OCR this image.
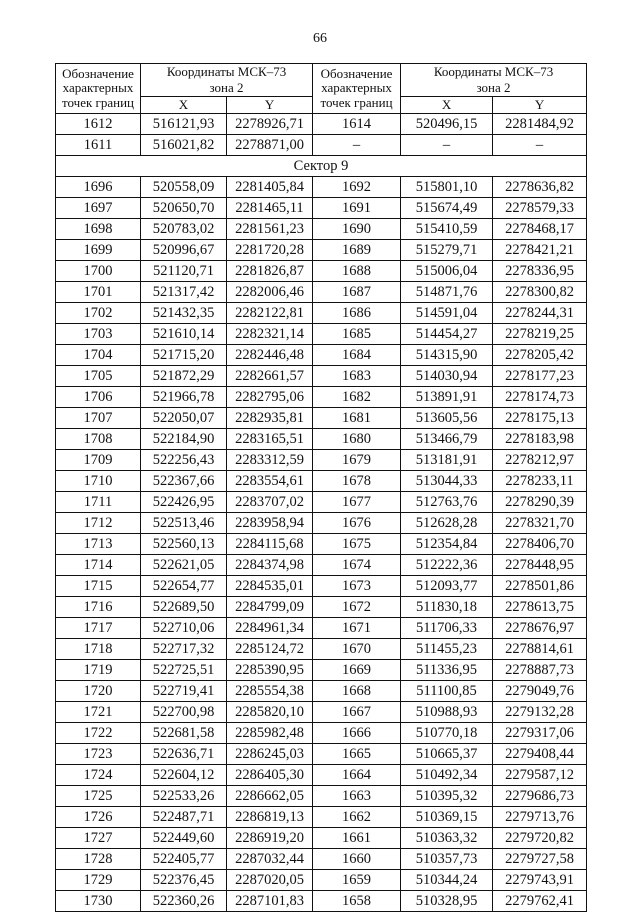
66
Обозначение характерных точек границ	Координаты МСК–73		Обозначение характерных точек границ	Координаты МСК–73	
	зона 2			зона 2	
	X	Y		X	Y
1612	516121,93	2278926,71	1614	520496,15	2281484,92
1611	516021,82	2278871,00	–	–	–
Сектор 9					
1696	520558,09	2281405,84	1692	515801,10	2278636,82
1697	520650,70	2281465,11	1691	515674,49	2278579,33
1698	520783,02	2281561,23	1690	515410,59	2278468,17
1699	520996,67	2281720,28	1689	515279,71	2278421,21
1700	521120,71	2281826,87	1688	515006,04	2278336,95
1701	521317,42	2282006,46	1687	514871,76	2278300,82
1702	521432,35	2282122,81	1686	514591,04	2278244,31
1703	521610,14	2282321,14	1685	514454,27	2278219,25
1704	521715,20	2282446,48	1684	514315,90	2278205,42
1705	521872,29	2282661,57	1683	514030,94	2278177,23
1706	521966,78	2282795,06	1682	513891,91	2278174,73
1707	522050,07	2282935,81	1681	513605,56	2278175,13
1708	522184,90	2283165,51	1680	513466,79	2278183,98
1709	522256,43	2283312,59	1679	513181,91	2278212,97
1710	522367,66	2283554,61	1678	513044,33	2278233,11
1711	522426,95	2283707,02	1677	512763,76	2278290,39
1712	522513,46	2283958,94	1676	512628,28	2278321,70
1713	522560,13	2284115,68	1675	512354,84	2278406,70
1714	522621,05	2284374,98	1674	512222,36	2278448,95
1715	522654,77	2284535,01	1673	512093,77	2278501,86
1716	522689,50	2284799,09	1672	511830,18	2278613,75
1717	522710,06	2284961,34	1671	511706,33	2278676,97
1718	522717,32	2285124,72	1670	511455,23	2278814,61
1719	522725,51	2285390,95	1669	511336,95	2278887,73
1720	522719,41	2285554,38	1668	511100,85	2279049,76
1721	522700,98	2285820,10	1667	510988,93	2279132,28
1722	522681,58	2285982,48	1666	510770,18	2279317,06
1723	522636,71	2286245,03	1665	510665,37	2279408,44
1724	522604,12	2286405,30	1664	510492,34	2279587,12
1725	522533,26	2286662,05	1663	510395,32	2279686,73
1726	522487,71	2286819,13	1662	510369,15	2279713,76
1727	522449,60	2286919,20	1661	510363,32	2279720,82
1728	522405,77	2287032,44	1660	510357,73	2279727,58
1729	522376,45	2287020,05	1659	510344,24	2279743,91
1730	522360,26	2287101,83	1658	510328,95	2279762,41
